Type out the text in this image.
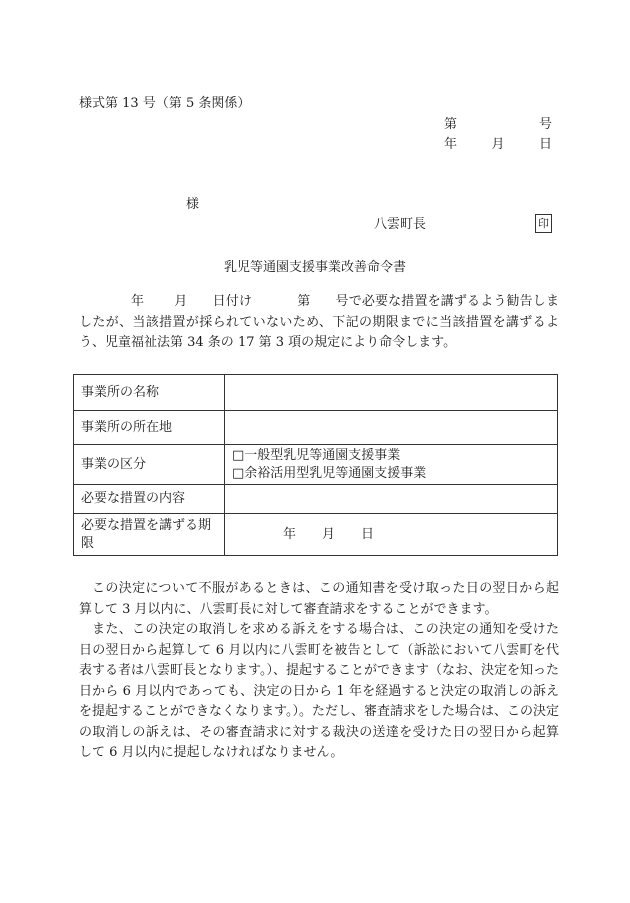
様式第 13 号（第 5 条関係）
第	号
年	月	日
様
八雲町長	印
乳児等通園支援事業改善命令書
年 月 日付け	第 号で必要な措置を講ずるよう勧告しましたが、当該措置が採られていないため、下記の期限までに当該措置を講ずるよう、児童福祉法第 34 条の 17 第 3 項の規定により命令します。
事業所の名称	
事業所の所在地	
事業の区分	□一般型乳児等通園支援事業
□余裕活用型乳児等通園支援事業

必要な措置の内容	
必要な措置を講ずる期限	年 月 日
この決定について不服があるときは、この通知書を受け取った日の翌日から起算して 3 月以内に、八雲町長に対して審査請求をすることができます。
また、この決定の取消しを求める訴えをする場合は、この決定の通知を受けた日の翌日から起算して 6 月以内に八雲町を被告として（訴訟において八雲町を代表する者は八雲町長となります。）、提起することができます（なお、決定を知った日から 6 月以内であっても、決定の日から 1 年を経過すると決定の取消しの訴えを提起することができなくなります。）。ただし、審査請求をした場合は、この決定の取消しの訴えは、その審査請求に対する裁決の送達を受けた日の翌日から起算して 6 月以内に提起しなければなりません。
